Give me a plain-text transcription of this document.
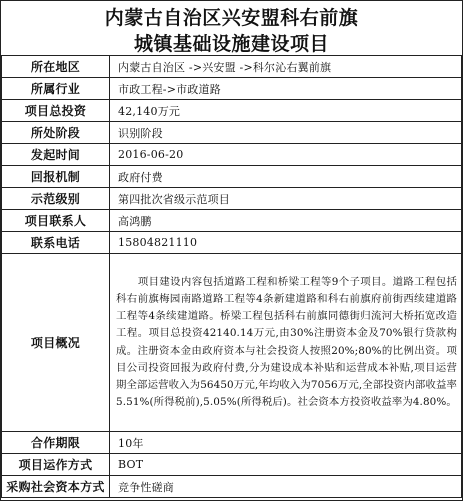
内蒙古自治区兴安盟科右前旗
城镇基础设施建设项目
所在地区	内蒙古自治区 ->兴安盟 ->科尔沁右翼前旗
所属行业	市政工程->市政道路
项目总投资	42,140万元
所处阶段	识别阶段
发起时间	2016-06-20
回报机制	政府付费
示范级别	第四批次省级示范项目
项目联系人	高鸿鹏
联系电话	15804821110
项目概况	项目建设内容包括道路工程和桥梁工程等9个子项目。道路工程包括科右前旗梅园南路道路工程等4条新建道路和科右前旗府前街西续建道路工程等4条续建道路。桥梁工程包括科右前旗同德街归流河大桥拓宽改造工程。项目总投资42140.14万元,由30%注册资本金及70%银行贷款构成。注册资本金由政府资本与社会投资人按照20%;80%的比例出资。项目公司投资回报为政府付费,分为建设成本补贴和运营成本补贴,项目运营期全部运营收入为56450万元,年均收入为7056万元,全部投资内部收益率5.51%(所得税前),5.05%(所得税后)。社会资本方投资收益率为4.80%。
合作期限	10年
项目运作方式	BOT
采购社会资本方式	竞争性磋商
